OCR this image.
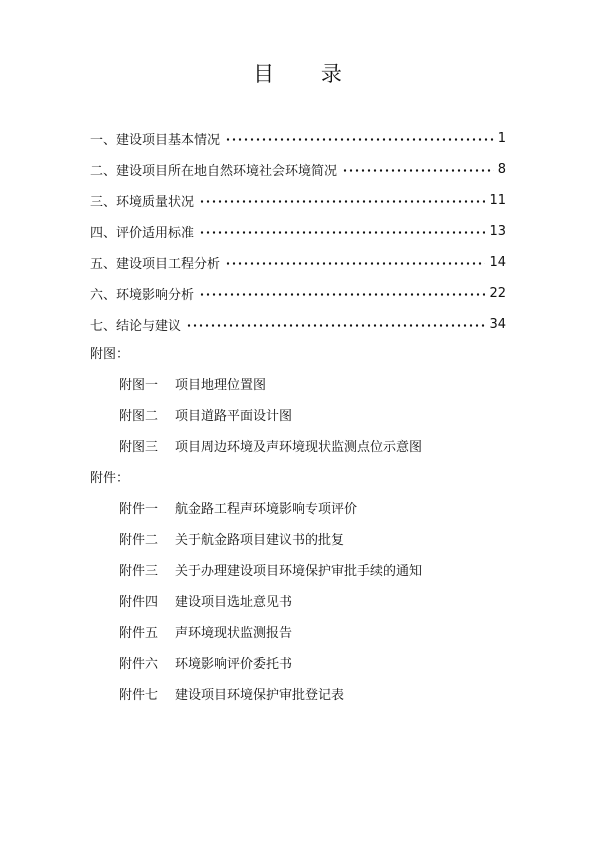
目 录
一、建设项目基本情况	1
二、建设项目所在地自然环境社会环境简况	8
三、环境质量状况	11
四、评价适用标准	13
五、建设项目工程分析	14
六、环境影响分析	22
七、结论与建议	34
附图：
附图一 项目地理位置图
附图二 项目道路平面设计图
附图三 项目周边环境及声环境现状监测点位示意图
附件：
附件一 航金路工程声环境影响专项评价
附件二 关于航金路项目建议书的批复
附件三 关于办理建设项目环境保护审批手续的通知
附件四 建设项目选址意见书
附件五 声环境现状监测报告
附件六 环境影响评价委托书
附件七 建设项目环境保护审批登记表
